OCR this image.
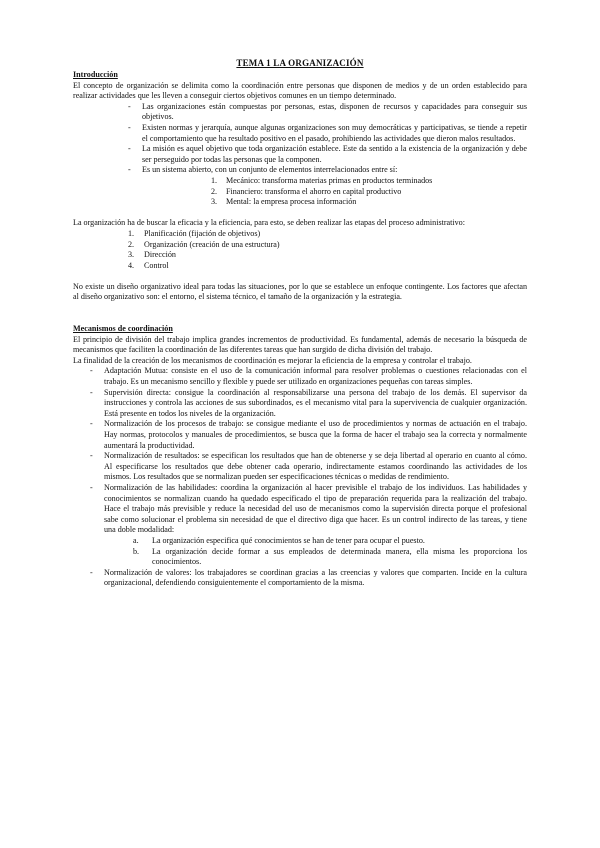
TEMA 1 LA ORGANIZACIÓN
Introducción

El concepto de organización se delimita como la coordinación entre personas que disponen de medios y de un orden establecido para realizar actividades que les lleven a conseguir ciertos objetivos comunes en un tiempo determinado.

- Las organizaciones están compuestas por personas, estas, disponen de recursos y capacidades para conseguir sus objetivos.
- Existen normas y jerarquía, aunque algunas organizaciones son muy democráticas y participativas, se tiende a repetir el comportamiento que ha resultado positivo en el pasado, prohibiendo las actividades que dieron malos resultados.
- La misión es aquel objetivo que toda organización establece. Este da sentido a la existencia de la organización y debe ser perseguido por todas las personas que la componen.
- Es un sistema abierto, con un conjunto de elementos interrelacionados entre sí:
1. Mecánico: transforma materias primas en productos terminados
2. Financiero: transforma el ahorro en capital productivo
3. Mental: la empresa procesa información

La organización ha de buscar la eficacia y la eficiencia, para esto, se deben realizar las etapas del proceso administrativo:

1. Planificación (fijación de objetivos)
2. Organización (creación de una estructura)
3. Dirección
4. Control

No existe un diseño organizativo ideal para todas las situaciones, por lo que se establece un enfoque contingente. Los factores que afectan al diseño organizativo son: el entorno, el sistema técnico, el tamaño de la organización y la estrategia.

Mecanismos de coordinación

El principio de división del trabajo implica grandes incrementos de productividad. Es fundamental, además de necesario la búsqueda de mecanismos que faciliten la coordinación de las diferentes tareas que han surgido de dicha división del trabajo.

La finalidad de la creación de los mecanismos de coordinación es mejorar la eficiencia de la empresa y controlar el trabajo.

- Adaptación Mutua: consiste en el uso de la comunicación informal para resolver problemas o cuestiones relacionadas con el trabajo. Es un mecanismo sencillo y flexible y puede ser utilizado en organizaciones pequeñas con tareas simples.
- Supervisión directa: consigue la coordinación al responsabilizarse una persona del trabajo de los demás. El supervisor da instrucciones y controla las acciones de sus subordinados, es el mecanismo vital para la supervivencia de cualquier organización. Está presente en todos los niveles de la organización.
- Normalización de los procesos de trabajo: se consigue mediante el uso de procedimientos y normas de actuación en el trabajo. Hay normas, protocolos y manuales de procedimientos, se busca que la forma de hacer el trabajo sea la correcta y normalmente aumentará la productividad.
- Normalización de resultados: se especifican los resultados que han de obtenerse y se deja libertad al operario en cuanto al cómo. Al especificarse los resultados que debe obtener cada operario, indirectamente estamos coordinando las actividades de los mismos. Los resultados que se normalizan pueden ser especificaciones técnicas o medidas de rendimiento.
- Normalización de las habilidades: coordina la organización al hacer previsible el trabajo de los individuos. Las habilidades y conocimientos se normalizan cuando ha quedado especificado el tipo de preparación requerida para la realización del trabajo. Hace el trabajo más previsible y reduce la necesidad del uso de mecanismos como la supervisión directa porque el profesional sabe como solucionar el problema sin necesidad de que el directivo diga que hacer. Es un control indirecto de las tareas, y tiene una doble modalidad:
a. La organización especifica qué conocimientos se han de tener para ocupar el puesto.
b. La organización decide formar a sus empleados de determinada manera, ella misma les proporciona los conocimientos.
- Normalización de valores: los trabajadores se coordinan gracias a las creencias y valores que comparten. Incide en la cultura organizacional, defendiendo consiguientemente el comportamiento de la misma.
